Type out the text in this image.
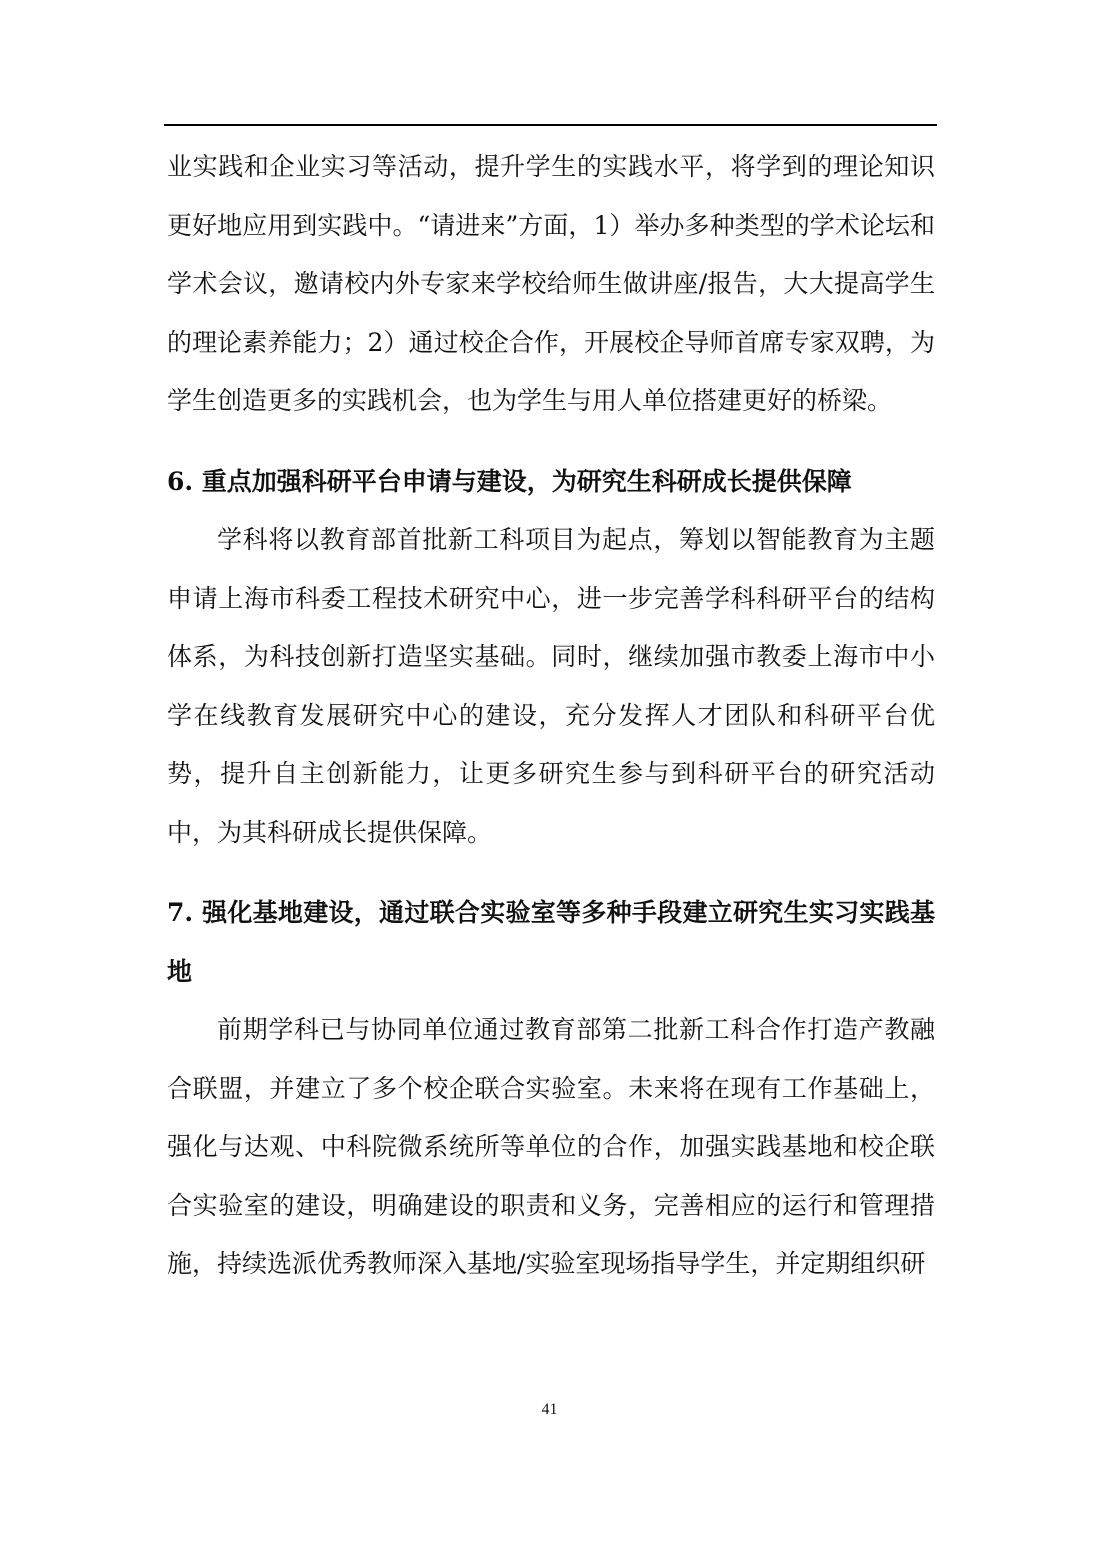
业实践和企业实习等活动，提升学生的实践水平，将学到的理论知识更好地应用到实践中。“请进来”方面，1）举办多种类型的学术论坛和学术会议，邀请校内外专家来学校给师生做讲座/报告，大大提高学生的理论素养能力；2）通过校企合作，开展校企导师首席专家双聘，为学生创造更多的实践机会，也为学生与用人单位搭建更好的桥梁。

6. 重点加强科研平台申请与建设，为研究生科研成长提供保障

学科将以教育部首批新工科项目为起点，筹划以智能教育为主题申请上海市科委工程技术研究中心，进一步完善学科科研平台的结构体系，为科技创新打造坚实基础。同时，继续加强市教委上海市中小学在线教育发展研究中心的建设，充分发挥人才团队和科研平台优势，提升自主创新能力，让更多研究生参与到科研平台的研究活动中，为其科研成长提供保障。

7. 强化基地建设，通过联合实验室等多种手段建立研究生实习实践基地

前期学科已与协同单位通过教育部第二批新工科合作打造产教融合联盟，并建立了多个校企联合实验室。未来将在现有工作基础上，强化与达观、中科院微系统所等单位的合作，加强实践基地和校企联合实验室的建设，明确建设的职责和义务，完善相应的运行和管理措施，持续选派优秀教师深入基地/实验室现场指导学生，并定期组织研

41
